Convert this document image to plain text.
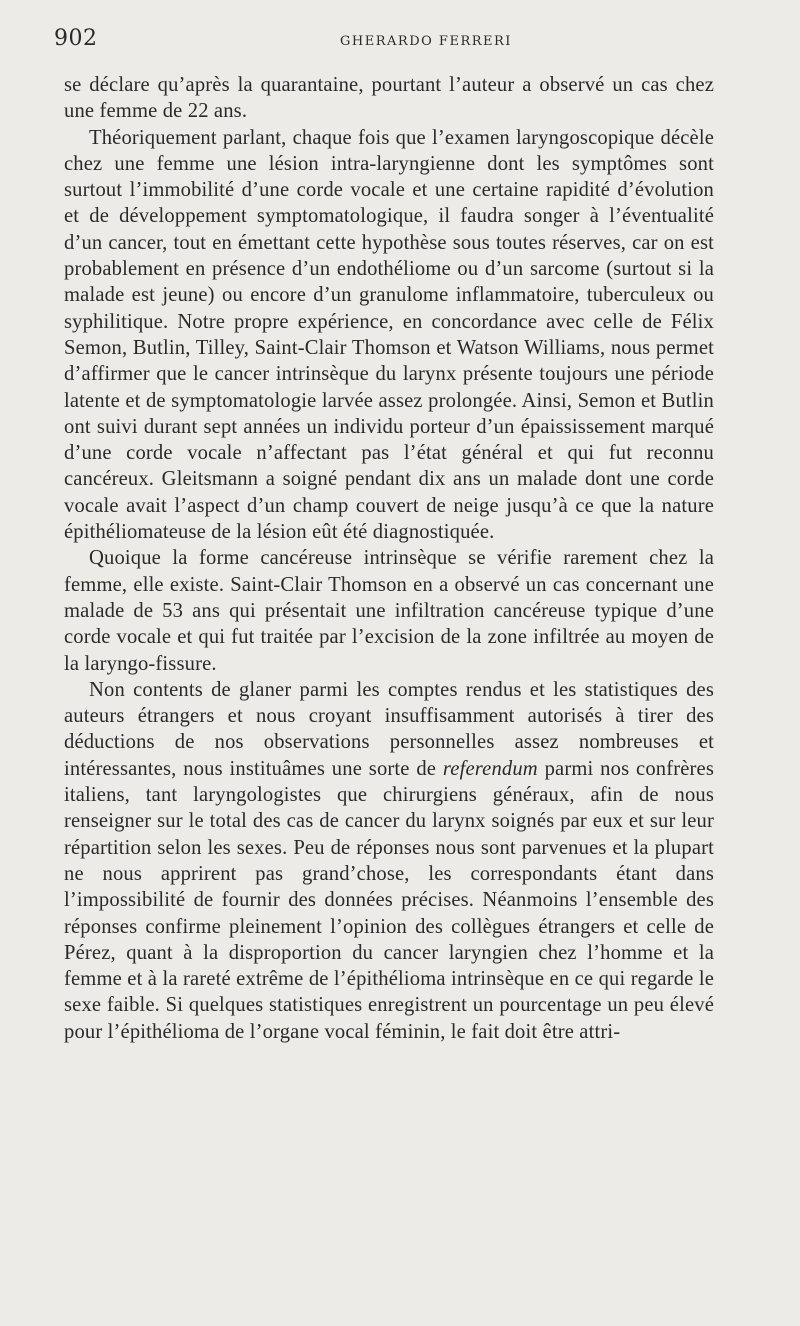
902	GHERARDO FERRERI

se déclare qu’après la quarantaine, pourtant l’auteur a observé un cas chez une femme de 22 ans.

Théoriquement parlant, chaque fois que l’examen laryngoscopique décèle chez une femme une lésion intra-laryngienne dont les symptômes sont surtout l’immobilité d’une corde vocale et une certaine rapidité d’évolution et de développement symptomatologique, il faudra songer à l’éventualité d’un cancer, tout en émettant cette hypothèse sous toutes réserves, car on est probablement en présence d’un endothéliome ou d’un sarcome (surtout si la malade est jeune) ou encore d’un granulome inflammatoire, tuberculeux ou syphilitique. Notre propre expérience, en concordance avec celle de Félix Semon, Butlin, Tilley, Saint-Clair Thomson et Watson Williams, nous permet d’affirmer que le cancer intrinsèque du larynx présente toujours une période latente et de symptomatologie larvée assez prolongée. Ainsi, Semon et Butlin ont suivi durant sept années un individu porteur d’un épaississement marqué d’une corde vocale n’affectant pas l’état général et qui fut reconnu cancéreux. Gleitsmann a soigné pendant dix ans un malade dont une corde vocale avait l’aspect d’un champ couvert de neige jusqu’à ce que la nature épithéliomateuse de la lésion eût été diagnostiquée.

Quoique la forme cancéreuse intrinsèque se vérifie rarement chez la femme, elle existe. Saint-Clair Thomson en a observé un cas concernant une malade de 53 ans qui présentait une infiltration cancéreuse typique d’une corde vocale et qui fut traitée par l’excision de la zone infiltrée au moyen de la laryngo-fissure.

Non contents de glaner parmi les comptes rendus et les statistiques des auteurs étrangers et nous croyant insuffisamment autorisés à tirer des déductions de nos observations personnelles assez nombreuses et intéressantes, nous instituâmes une sorte de referendum parmi nos confrères italiens, tant laryngologistes que chirurgiens généraux, afin de nous renseigner sur le total des cas de cancer du larynx soignés par eux et sur leur répartition selon les sexes. Peu de réponses nous sont parvenues et la plupart ne nous apprirent pas grand’chose, les correspondants étant dans l’impossibilité de fournir des données précises. Néanmoins l’ensemble des réponses confirme pleinement l’opinion des collègues étrangers et celle de Pérez, quant à la disproportion du cancer laryngien chez l’homme et la femme et à la rareté extrême de l’épithélioma intrinsèque en ce qui regarde le sexe faible. Si quelques statistiques enregistrent un pourcentage un peu élevé pour l’épithélioma de l’organe vocal féminin, le fait doit être attri-
